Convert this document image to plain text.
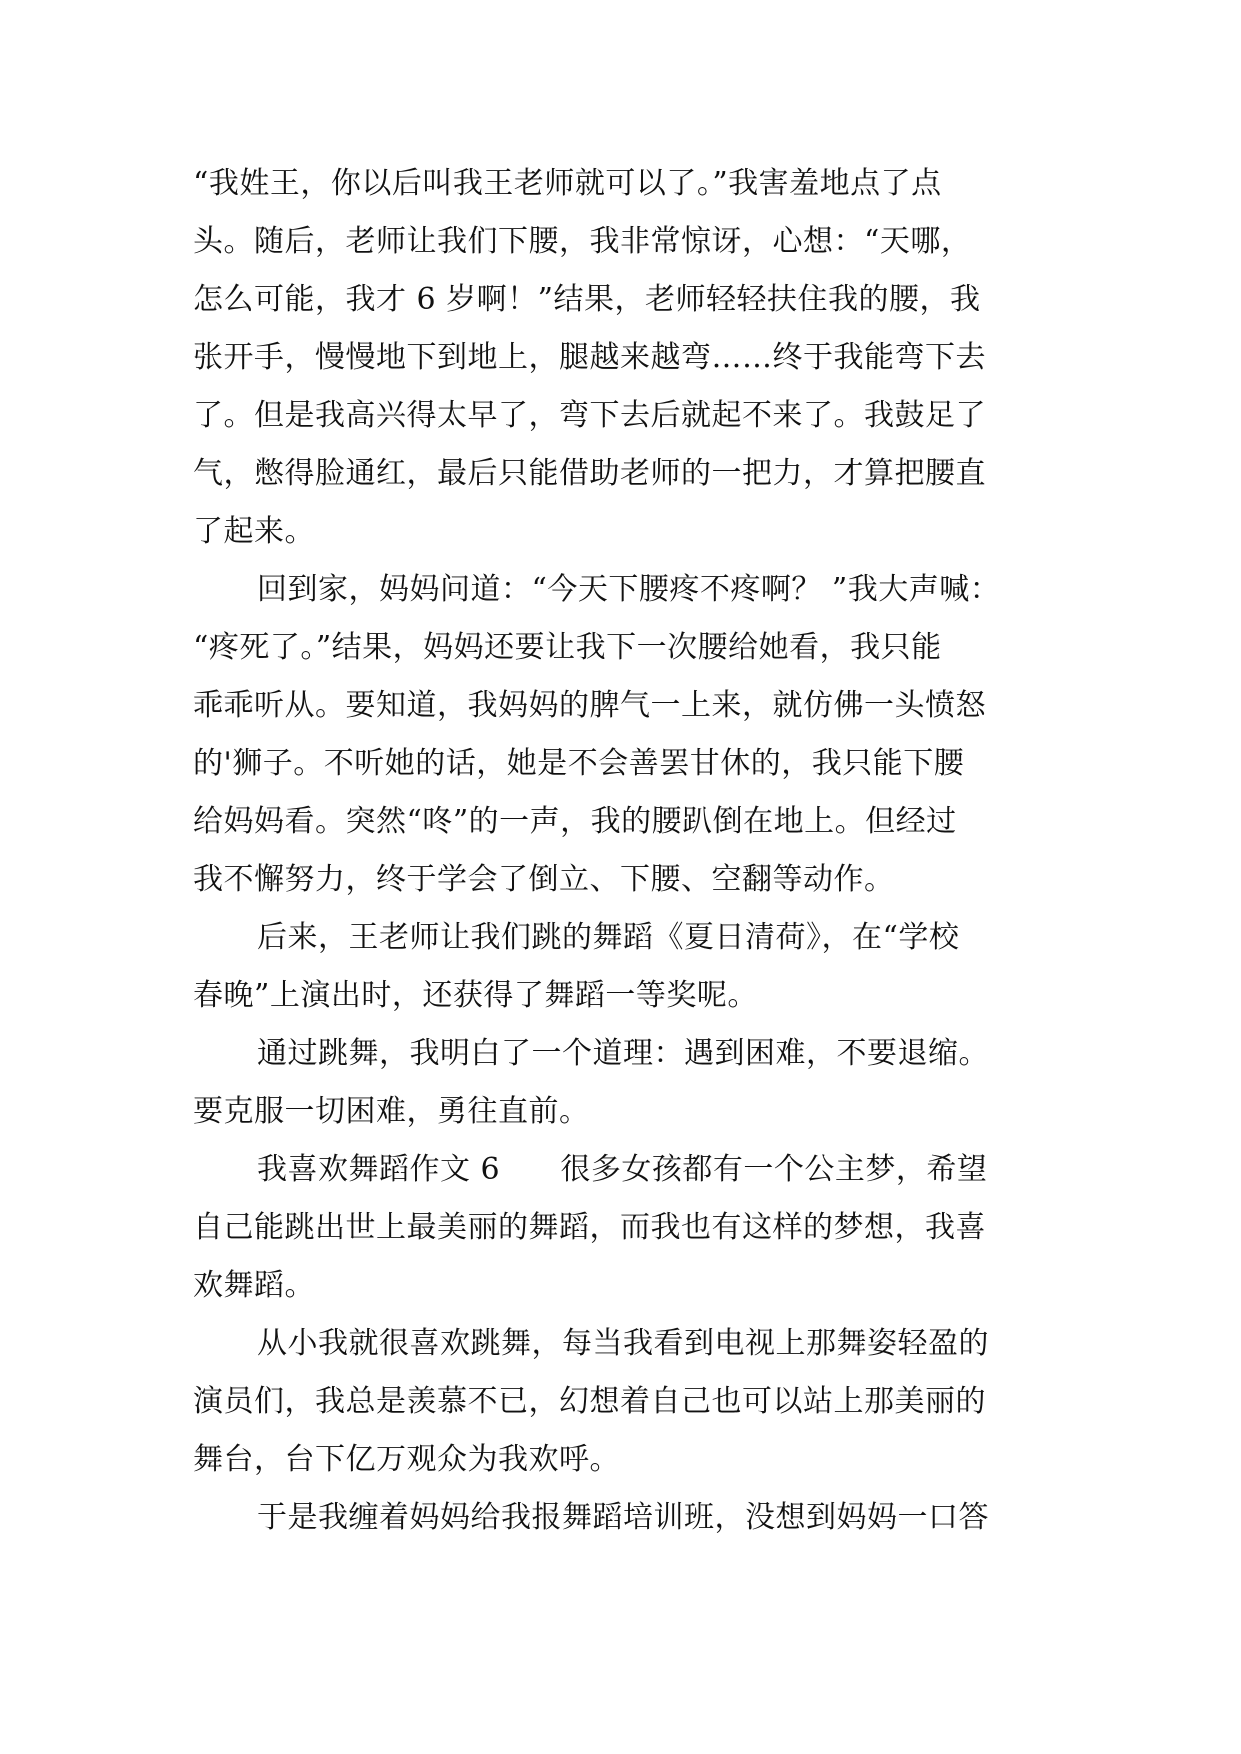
“我姓王，你以后叫我王老师就可以了。”我害羞地点了点
头。随后，老师让我们下腰，我非常惊讶，心想：“天哪，
怎么可能，我才 6 岁啊！”结果，老师轻轻扶住我的腰，我
张开手，慢慢地下到地上，腿越来越弯……终于我能弯下去
了。但是我高兴得太早了，弯下去后就起不来了。我鼓足了
气，憋得脸通红，最后只能借助老师的一把力，才算把腰直
了起来。
回到家，妈妈问道：“今天下腰疼不疼啊？ ”我大声喊：
“疼死了。”结果，妈妈还要让我下一次腰给她看，我只能
乖乖听从。要知道，我妈妈的脾气一上来，就仿佛一头愤怒
的'狮子。不听她的话，她是不会善罢甘休的，我只能下腰
给妈妈看。突然“咚”的一声，我的腰趴倒在地上。但经过
我不懈努力，终于学会了倒立、下腰、空翻等动作。
后来，王老师让我们跳的舞蹈《夏日清荷》，在“学校
春晚”上演出时，还获得了舞蹈一等奖呢。
通过跳舞，我明白了一个道理：遇到困难，不要退缩。
要克服一切困难，勇往直前。
我喜欢舞蹈作文 6      很多女孩都有一个公主梦，希望
自己能跳出世上最美丽的舞蹈，而我也有这样的梦想，我喜
欢舞蹈。
从小我就很喜欢跳舞，每当我看到电视上那舞姿轻盈的
演员们，我总是羡慕不已，幻想着自己也可以站上那美丽的
舞台，台下亿万观众为我欢呼。
于是我缠着妈妈给我报舞蹈培训班，没想到妈妈一口答
